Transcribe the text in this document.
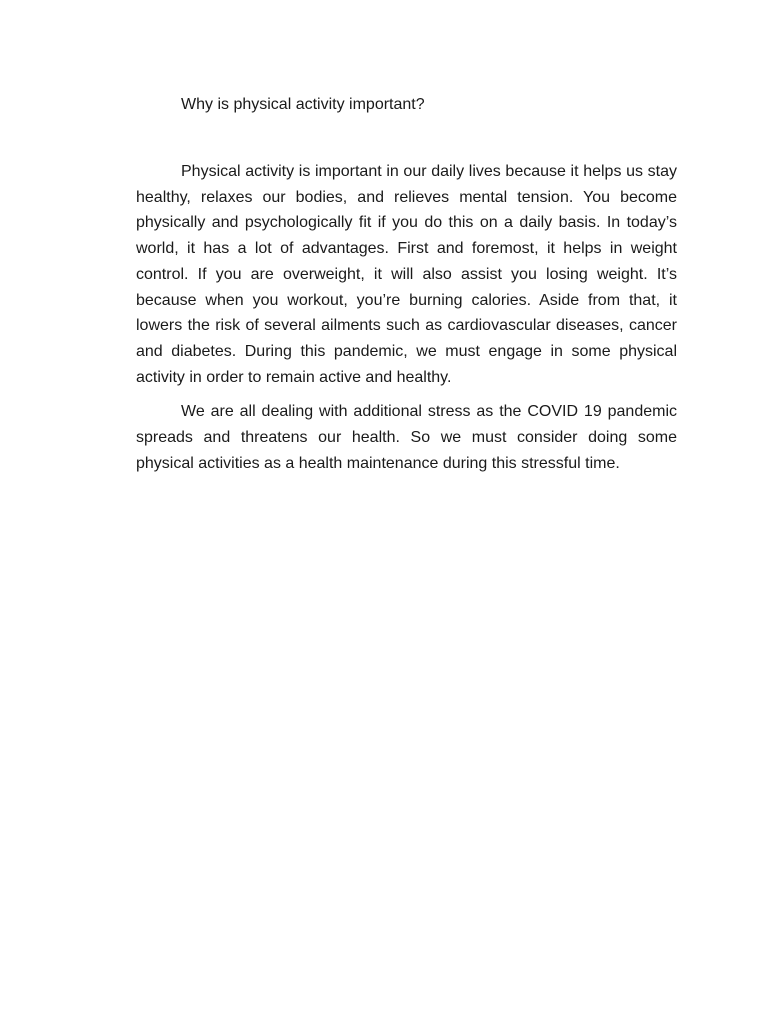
Why is physical activity important?

Physical activity is important in our daily lives because it helps us stay healthy, relaxes our bodies, and relieves mental tension. You become physically and psychologically fit if you do this on a daily basis. In today’s world, it has a lot of advantages. First and foremost, it helps in weight control. If you are overweight, it will also assist you losing weight. It’s because when you workout, you’re burning calories. Aside from that, it lowers the risk of several ailments such as cardiovascular diseases, cancer and diabetes. During this pandemic, we must engage in some physical activity in order to remain active and healthy.

We are all dealing with additional stress as the COVID 19 pandemic spreads and threatens our health. So we must consider doing some physical activities as a health maintenance during this stressful time.
